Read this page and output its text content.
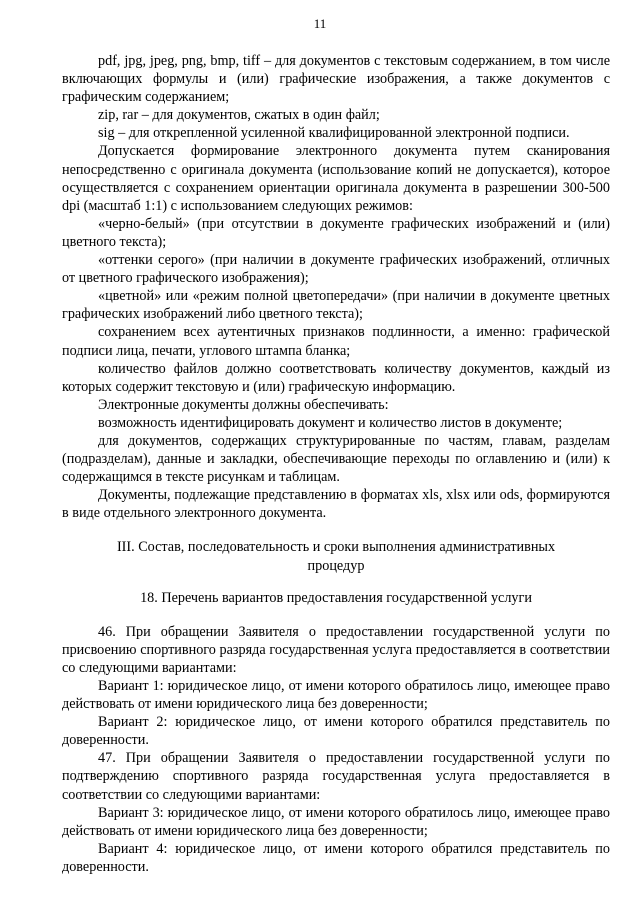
11

pdf, jpg, jpeg, png, bmp, tiff – для документов с текстовым содержанием, в том числе включающих формулы и (или) графические изображения, а также документов с графическим содержанием;

zip, rar – для документов, сжатых в один файл;

sig – для открепленной усиленной квалифицированной электронной подписи.

Допускается формирование электронного документа путем сканирования непосредственно с оригинала документа (использование копий не допускается), которое осуществляется с сохранением ориентации оригинала документа в разрешении 300-500 dpi (масштаб 1:1) с использованием следующих режимов:

«черно-белый» (при отсутствии в документе графических изображений и (или) цветного текста);

«оттенки серого» (при наличии в документе графических изображений, отличных от цветного графического изображения);

«цветной» или «режим полной цветопередачи» (при наличии в документе цветных графических изображений либо цветного текста);

сохранением всех аутентичных признаков подлинности, а именно: графической подписи лица, печати, углового штампа бланка;

количество файлов должно соответствовать количеству документов, каждый из которых содержит текстовую и (или) графическую информацию.

Электронные документы должны обеспечивать:

возможность идентифицировать документ и количество листов в документе;

для документов, содержащих структурированные по частям, главам, разделам (подразделам), данные и закладки, обеспечивающие переходы по оглавлению и (или) к содержащимся в тексте рисункам и таблицам.

Документы, подлежащие представлению в форматах xls, xlsx или ods, формируются в виде отдельного электронного документа.

III. Состав, последовательность и сроки выполнения административных процедур

18. Перечень вариантов предоставления государственной услуги

46. При обращении Заявителя о предоставлении государственной услуги по присвоению спортивного разряда государственная услуга предоставляется в соответствии со следующими вариантами:

Вариант 1: юридическое лицо, от имени которого обратилось лицо, имеющее право действовать от имени юридического лица без доверенности;

Вариант 2: юридическое лицо, от имени которого обратился представитель по доверенности.

47. При обращении Заявителя о предоставлении государственной услуги по подтверждению спортивного разряда государственная услуга предоставляется в соответствии со следующими вариантами:

Вариант 3: юридическое лицо, от имени которого обратилось лицо, имеющее право действовать от имени юридического лица без доверенности;

Вариант 4: юридическое лицо, от имени которого обратился представитель по доверенности.
